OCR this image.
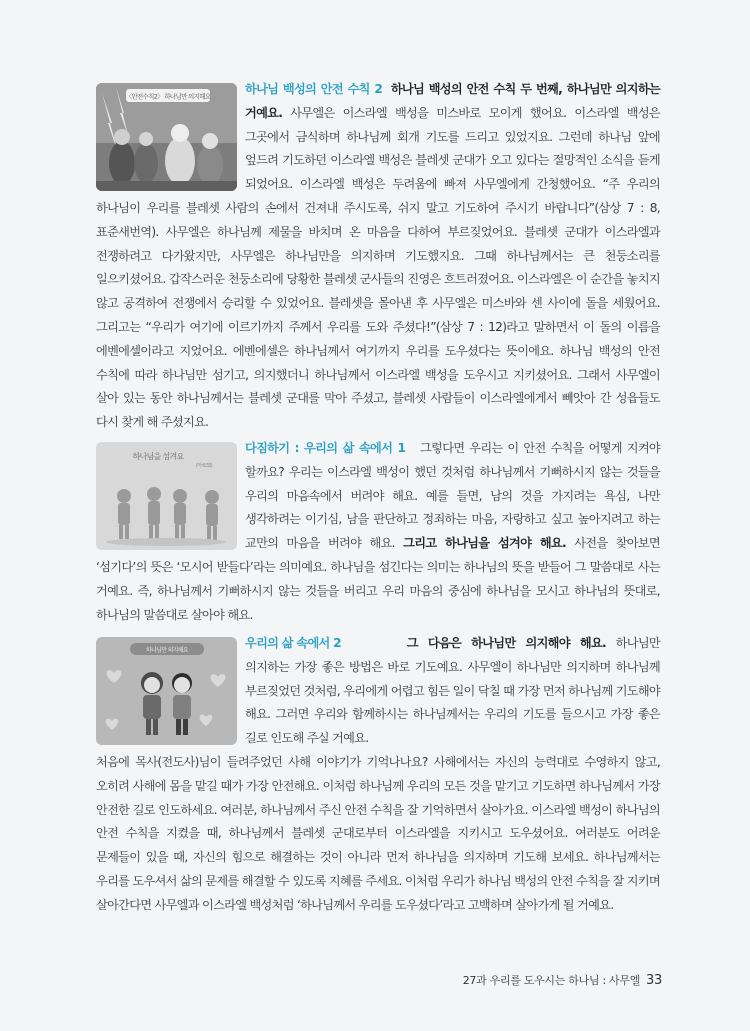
〈안전수칙2〉 하나님만 의지해요
하나님 백성의 안전 수칙 2 하나님 백성의 안전 수칙 두 번째, 하나님만 의지하는 거예요. 사무엘은 이스라엘 백성을 미스바로 모이게 했어요. 이스라엘 백성은 그곳에서 금식하며 하나님께 회개 기도를 드리고 있었지요. 그런데 하나님 앞에 엎드려 기도하던 이스라엘 백성은 블레셋 군대가 오고 있다는 절망적인 소식을 듣게 되었어요. 이스라엘 백성은 두려움에 빠져 사무엘에게 간청했어요. “주 우리의 하나님이 우리를 블레셋 사람의 손에서 건져내 주시도록, 쉬지 말고 기도하여 주시기 바랍니다”(삼상 7 : 8, 표준새번역). 사무엘은 하나님께 제물을 바치며 온 마음을 다하여 부르짖었어요. 블레셋 군대가 이스라엘과 전쟁하려고 다가왔지만, 사무엘은 하나님만을 의지하며 기도했지요. 그때 하나님께서는 큰 천둥소리를 일으키셨어요. 갑작스러운 천둥소리에 당황한 블레셋 군사들의 진영은 흐트러졌어요. 이스라엘은 이 순간을 놓치지 않고 공격하여 전쟁에서 승리할 수 있었어요. 블레셋을 몰아낸 후 사무엘은 미스바와 센 사이에 돌을 세웠어요. 그리고는 “우리가 여기에 이르기까지 주께서 우리를 도와 주셨다!”(삼상 7 : 12)라고 말하면서 이 돌의 이름을 에벤에셀이라고 지었어요. 에벤에셀은 하나님께서 여기까지 우리를 도우셨다는 뜻이에요. 하나님 백성의 안전 수칙에 따라 하나님만 섬기고, 의지했더니 하나님께서 이스라엘 백성을 도우시고 지키셨어요. 그래서 사무엘이 살아 있는 동안 하나님께서는 블레셋 군대를 막아 주셨고, 블레셋 사람들이 이스라엘에게서 빼앗아 간 성읍들도 다시 찾게 해 주셨지요.
하나님을 섬겨요
(마 6:33)
다짐하기 : 우리의 삶 속에서 1 그렇다면 우리는 이 안전 수칙을 어떻게 지켜야 할까요? 우리는 이스라엘 백성이 했던 것처럼 하나님께서 기뻐하시지 않는 것들을 우리의 마음속에서 버려야 해요. 예를 들면, 남의 것을 가지려는 욕심, 나만 생각하려는 이기심, 남을 판단하고 정죄하는 마음, 자랑하고 싶고 높아지려고 하는 교만의 마음을 버려야 해요. 그리고 하나님을 섬겨야 해요. 사전을 찾아보면 ‘섬기다’의 뜻은 ‘모시어 받들다’라는 의미예요. 하나님을 섬긴다는 의미는 하나님의 뜻을 받들어 그 말씀대로 사는 거예요. 즉, 하나님께서 기뻐하시지 않는 것들을 버리고 우리 마음의 중심에 하나님을 모시고 하나님의 뜻대로, 하나님의 말씀대로 살아야 해요.
하나님만 의지해요
우리의 삶 속에서 2	그 다음은 하나님만 의지해야 해요. 하나님만 의지하는 가장 좋은 방법은 바로 기도예요. 사무엘이 하나님만 의지하며 하나님께 부르짖었던 것처럼, 우리에게 어렵고 힘든 일이 닥칠 때 가장 먼저 하나님께 기도해야 해요. 그러면 우리와 함께하시는 하나님께서는 우리의 기도를 들으시고 가장 좋은 길로 인도해 주실 거예요.
처음에 목사(전도사)님이 들려주었던 사해 이야기가 기억나나요? 사해에서는 자신의 능력대로 수영하지 않고, 오히려 사해에 몸을 맡길 때가 가장 안전해요. 이처럼 하나님께 우리의 모든 것을 맡기고 기도하면 하나님께서 가장 안전한 길로 인도하세요. 여러분, 하나님께서 주신 안전 수칙을 잘 기억하면서 살아가요. 이스라엘 백성이 하나님의 안전 수칙을 지켰을 때, 하나님께서 블레셋 군대로부터 이스라엘을 지키시고 도우셨어요. 여러분도 어려운 문제들이 있을 때, 자신의 힘으로 해결하는 것이 아니라 먼저 하나님을 의지하며 기도해 보세요. 하나님께서는 우리를 도우셔서 삶의 문제를 해결할 수 있도록 지혜를 주세요. 이처럼 우리가 하나님 백성의 안전 수칙을 잘 지키며 살아간다면 사무엘과 이스라엘 백성처럼 ‘하나님께서 우리를 도우셨다’라고 고백하며 살아가게 될 거예요.
27과 우리를 도우시는 하나님 : 사무엘 33
